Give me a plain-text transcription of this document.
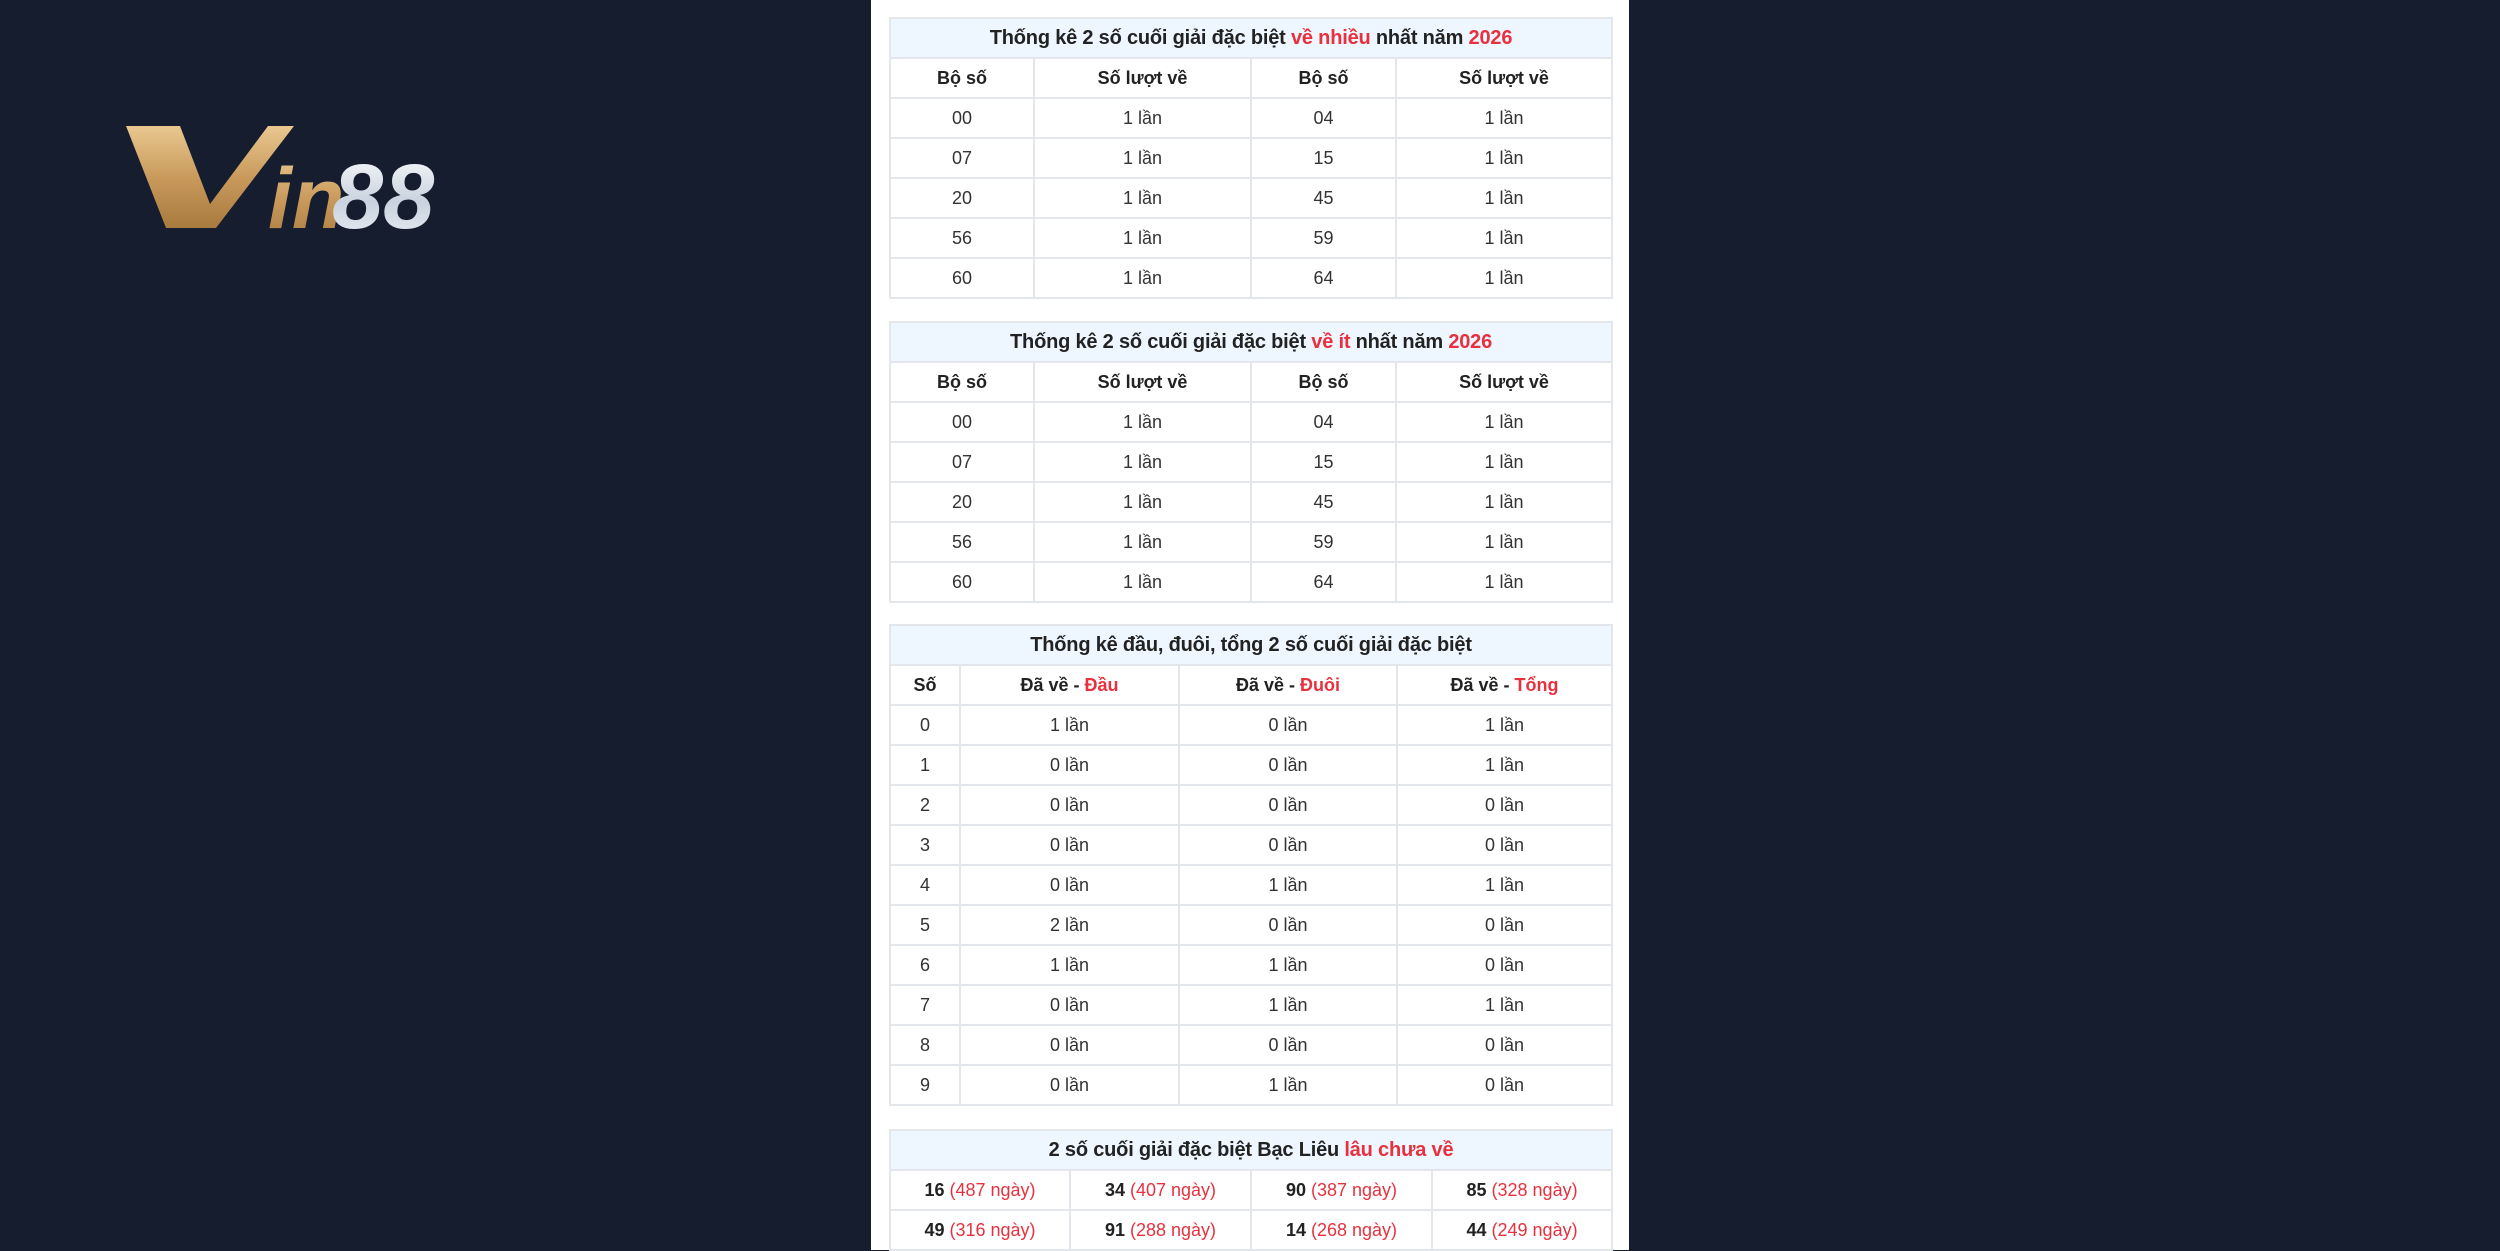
in
88
Thống kê 2 số cuối giải đặc biệt về nhiều nhất năm 2026			
Bộ số	Số lượt về	Bộ số	Số lượt về
00	1 lần	04	1 lần
07	1 lần	15	1 lần
20	1 lần	45	1 lần
56	1 lần	59	1 lần
60	1 lần	64	1 lần
Thống kê 2 số cuối giải đặc biệt về ít nhất năm 2026			
Bộ số	Số lượt về	Bộ số	Số lượt về
00	1 lần	04	1 lần
07	1 lần	15	1 lần
20	1 lần	45	1 lần
56	1 lần	59	1 lần
60	1 lần	64	1 lần
Thống kê đầu, đuôi, tổng 2 số cuối giải đặc biệt			
Số	Đã về - Đầu	Đã về - Đuôi	Đã về - Tổng
0	1 lần	0 lần	1 lần
1	0 lần	0 lần	1 lần
2	0 lần	0 lần	0 lần
3	0 lần	0 lần	0 lần
4	0 lần	1 lần	1 lần
5	2 lần	0 lần	0 lần
6	1 lần	1 lần	0 lần
7	0 lần	1 lần	1 lần
8	0 lần	0 lần	0 lần
9	0 lần	1 lần	0 lần
2 số cuối giải đặc biệt Bạc Liêu lâu chưa về			
16 (487 ngày)	34 (407 ngày)	90 (387 ngày)	85 (328 ngày)
49 (316 ngày)	91 (288 ngày)	14 (268 ngày)	44 (249 ngày)
